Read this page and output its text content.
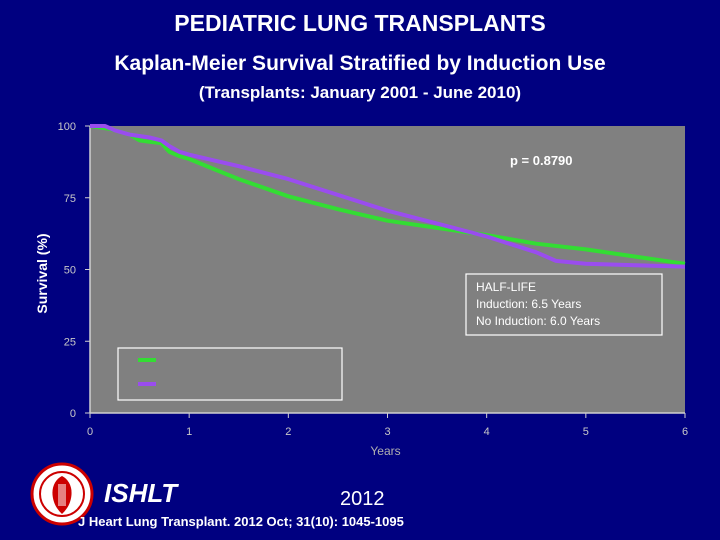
PEDIATRIC LUNG TRANSPLANTS
Kaplan-Meier Survival Stratified by Induction Use
(Transplants: January 2001 - June 2010)
0
25
50
75
100
0	1	2	3	4	5	6
Years
Survival (%)
p = 0.8790
HALF-LIFE
Induction: 6.5 Years
No Induction: 6.0 Years
ISHLT	2012
J Heart Lung Transplant. 2012 Oct; 31(10): 1045-1095
